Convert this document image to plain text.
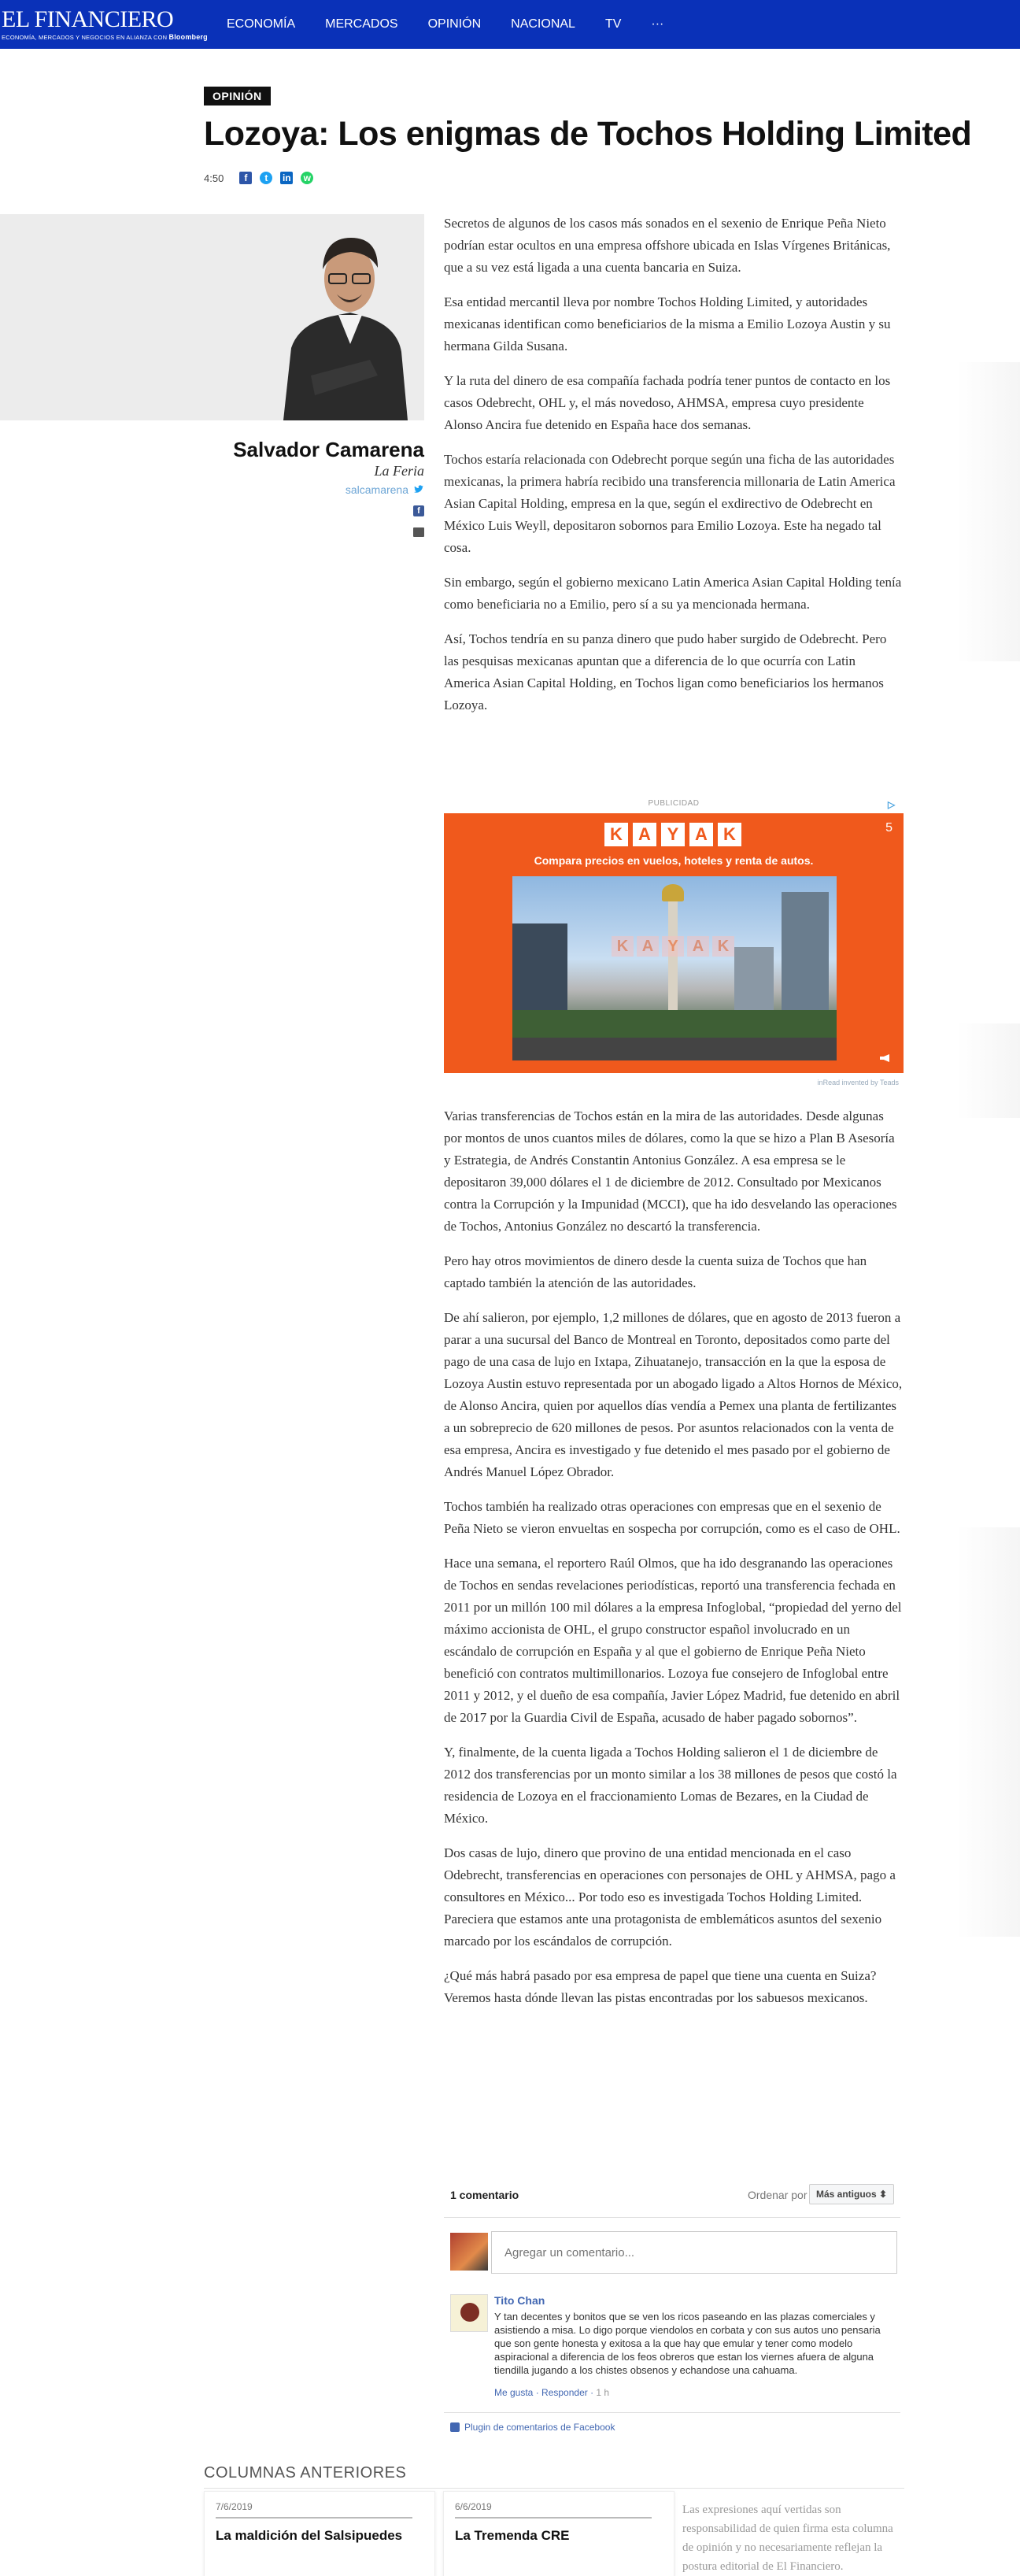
EL FINANCIERO
ECONOMÍA, MERCADOS Y NEGOCIOS EN ALIANZA CON Bloomberg
ECONOMÍA MERCADOS OPINIÓN NACIONAL TV ···
OPINIÓN
Lozoya: Los enigmas de Tochos Holding Limited
4:50	f	t	in w
Salvador Camarena
La Feria
salcamarena
f

Secretos de algunos de los casos más sonados en el sexenio de Enrique Peña Nieto podrían estar ocultos en una empresa offshore ubicada en Islas Vírgenes Británicas, que a su vez está ligada a una cuenta bancaria en Suiza.

Esa entidad mercantil lleva por nombre Tochos Holding Limited, y autoridades mexicanas identifican como beneficiarios de la misma a Emilio Lozoya Austin y su hermana Gilda Susana.

Y la ruta del dinero de esa compañía fachada podría tener puntos de contacto en los casos Odebrecht, OHL y, el más novedoso, AHMSA, empresa cuyo presidente Alonso Ancira fue detenido en España hace dos semanas.

Tochos estaría relacionada con Odebrecht porque según una ficha de las autoridades mexicanas, la primera habría recibido una transferencia millonaria de Latin America Asian Capital Holding, empresa en la que, según el exdirectivo de Odebrecht en México Luis Weyll, depositaron sobornos para Emilio Lozoya. Este ha negado tal cosa.

Sin embargo, según el gobierno mexicano Latin America Asian Capital Holding tenía como beneficiaria no a Emilio, pero sí a su ya mencionada hermana.

Así, Tochos tendría en su panza dinero que pudo haber surgido de Odebrecht. Pero las pesquisas mexicanas apuntan que a diferencia de lo que ocurría con Latin America Asian Capital Holding, en Tochos ligan como beneficiarios los hermanos Lozoya.

PUBLICIDAD	▷
K A Y A K
Compara precios en vuelos, hoteles y renta de autos.
5
K A Y A K
inRead invented by Teads

Varias transferencias de Tochos están en la mira de las autoridades. Desde algunas por montos de unos cuantos miles de dólares, como la que se hizo a Plan B Asesoría y Estrategia, de Andrés Constantin Antonius González. A esa empresa se le depositaron 39,000 dólares el 1 de diciembre de 2012. Consultado por Mexicanos contra la Corrupción y la Impunidad (MCCI), que ha ido desvelando las operaciones de Tochos, Antonius González no descartó la transferencia.

Pero hay otros movimientos de dinero desde la cuenta suiza de Tochos que han captado también la atención de las autoridades.

De ahí salieron, por ejemplo, 1,2 millones de dólares, que en agosto de 2013 fueron a parar a una sucursal del Banco de Montreal en Toronto, depositados como parte del pago de una casa de lujo en Ixtapa, Zihuatanejo, transacción en la que la esposa de Lozoya Austin estuvo representada por un abogado ligado a Altos Hornos de México, de Alonso Ancira, quien por aquellos días vendía a Pemex una planta de fertilizantes a un sobreprecio de 620 millones de pesos. Por asuntos relacionados con la venta de esa empresa, Ancira es investigado y fue detenido el mes pasado por el gobierno de Andrés Manuel López Obrador.

Tochos también ha realizado otras operaciones con empresas que en el sexenio de Peña Nieto se vieron envueltas en sospecha por corrupción, como es el caso de OHL.

Hace una semana, el reportero Raúl Olmos, que ha ido desgranando las operaciones de Tochos en sendas revelaciones periodísticas, reportó una transferencia fechada en 2011 por un millón 100 mil dólares a la empresa Infoglobal, “propiedad del yerno del máximo accionista de OHL, el grupo constructor español involucrado en un escándalo de corrupción en España y al que el gobierno de Enrique Peña Nieto benefició con contratos multimillonarios. Lozoya fue consejero de Infoglobal entre 2011 y 2012, y el dueño de esa compañía, Javier López Madrid, fue detenido en abril de 2017 por la Guardia Civil de España, acusado de haber pagado sobornos”.

Y, finalmente, de la cuenta ligada a Tochos Holding salieron el 1 de diciembre de 2012 dos transferencias por un monto similar a los 38 millones de pesos que costó la residencia de Lozoya en el fraccionamiento Lomas de Bezares, en la Ciudad de México.

Dos casas de lujo, dinero que provino de una entidad mencionada en el caso Odebrecht, transferencias en operaciones con personajes de OHL y AHMSA, pago a consultores en México... Por todo eso es investigada Tochos Holding Limited. Pareciera que estamos ante una protagonista de emblemáticos asuntos del sexenio marcado por los escándalos de corrupción.

¿Qué más habrá pasado por esa empresa de papel que tiene una cuenta en Suiza? Veremos hasta dónde llevan las pistas encontradas por los sabuesos mexicanos.

1 comentario	Ordenar por Más antiguos ⬍
Agregar un comentario...
Tito Chan
Y tan decentes y bonitos que se ven los ricos paseando en las plazas comerciales y asistiendo a misa. Lo digo porque viendolos en corbata y con sus autos uno pensaria que son gente honesta y exitosa a la que hay que emular y tener como modelo aspiracional a diferencia de los feos obreros que estan los viernes afuera de alguna tiendilla jugando a los chistes obsenos y echandose una cahuama.
Me gusta · Responder · 1 h
Plugin de comentarios de Facebook
COLUMNAS ANTERIORES
7/6/2019
La maldición del Salsipuedes
6/6/2019
La Tremenda CRE
Las expresiones aquí vertidas son responsabilidad de quien firma esta columna de opinión y no necesariamente reflejan la postura editorial de El Financiero.
